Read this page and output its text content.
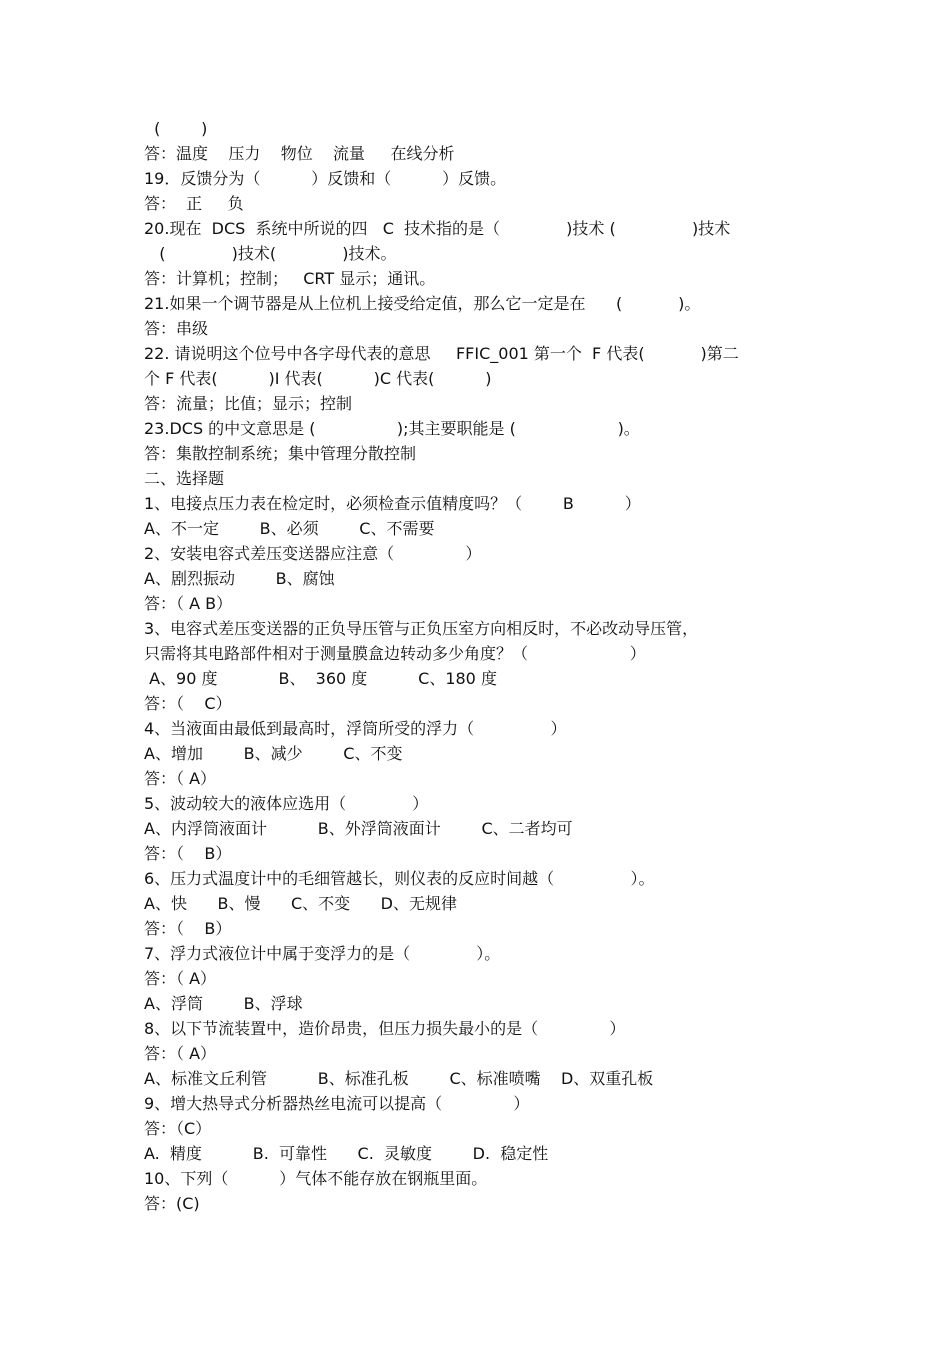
(        )
答：温度    压力    物位    流量     在线分析
19．反馈分为（          ）反馈和（          ）反馈。
答：  正     负
20.现在  DCS  系统中所说的四   C  技术指的是（             )技术 (               )技术
(             )技术(             )技术。
答：计算机；控制；   CRT 显示；通讯。
21.如果一个调节器是从上位机上接受给定值，那么它一定是在      (           )。
答：串级
22. 请说明这个位号中各字母代表的意思     FFIC_001 第一个  F 代表(           )第二
个 F 代表(          )I 代表(          )C 代表(          )
答：流量；比值；显示；控制
23.DCS 的中文意思是 (                );其主要职能是 (                    )。
答：集散控制系统；集中管理分散控制
二、选择题
1、电接点压力表在检定时，必须检查示值精度吗？（        B          ）
A、不一定        B、必须        C、不需要
2、安装电容式差压变送器应注意（              ）
A、剧烈振动        B、腐蚀
答：（ A B）
3、电容式差压变送器的正负导压管与正负压室方向相反时，不必改动导压管，
只需将其电路部件相对于测量膜盒边转动多少角度？（                    ）
A、90 度            B、  360 度          C、180 度
答：（    C）
4、当液面由最低到最高时，浮筒所受的浮力（               ）
A、增加        B、减少        C、不变
答：（ A）
5、波动较大的液体应选用（             ）
A、内浮筒液面计          B、外浮筒液面计        C、二者均可
答：（    B）
6、压力式温度计中的毛细管越长，则仪表的反应时间越（               ）。
A、快      B、慢      C、不变      D、无规律
答：（    B）
7、浮力式液位计中属于变浮力的是（             ）。
答：（ A）
A、浮筒        B、浮球
8、以下节流装置中，造价昂贵，但压力损失最小的是（              ）
答：（ A）
A、标准文丘利管          B、标准孔板        C、标准喷嘴    D、双重孔板
9、增大热导式分析器热丝电流可以提高（              ）
答：（C）
A.  精度          B.  可靠性      C.  灵敏度        D.  稳定性
10、下列（          ）气体不能存放在钢瓶里面。
答：(C)
